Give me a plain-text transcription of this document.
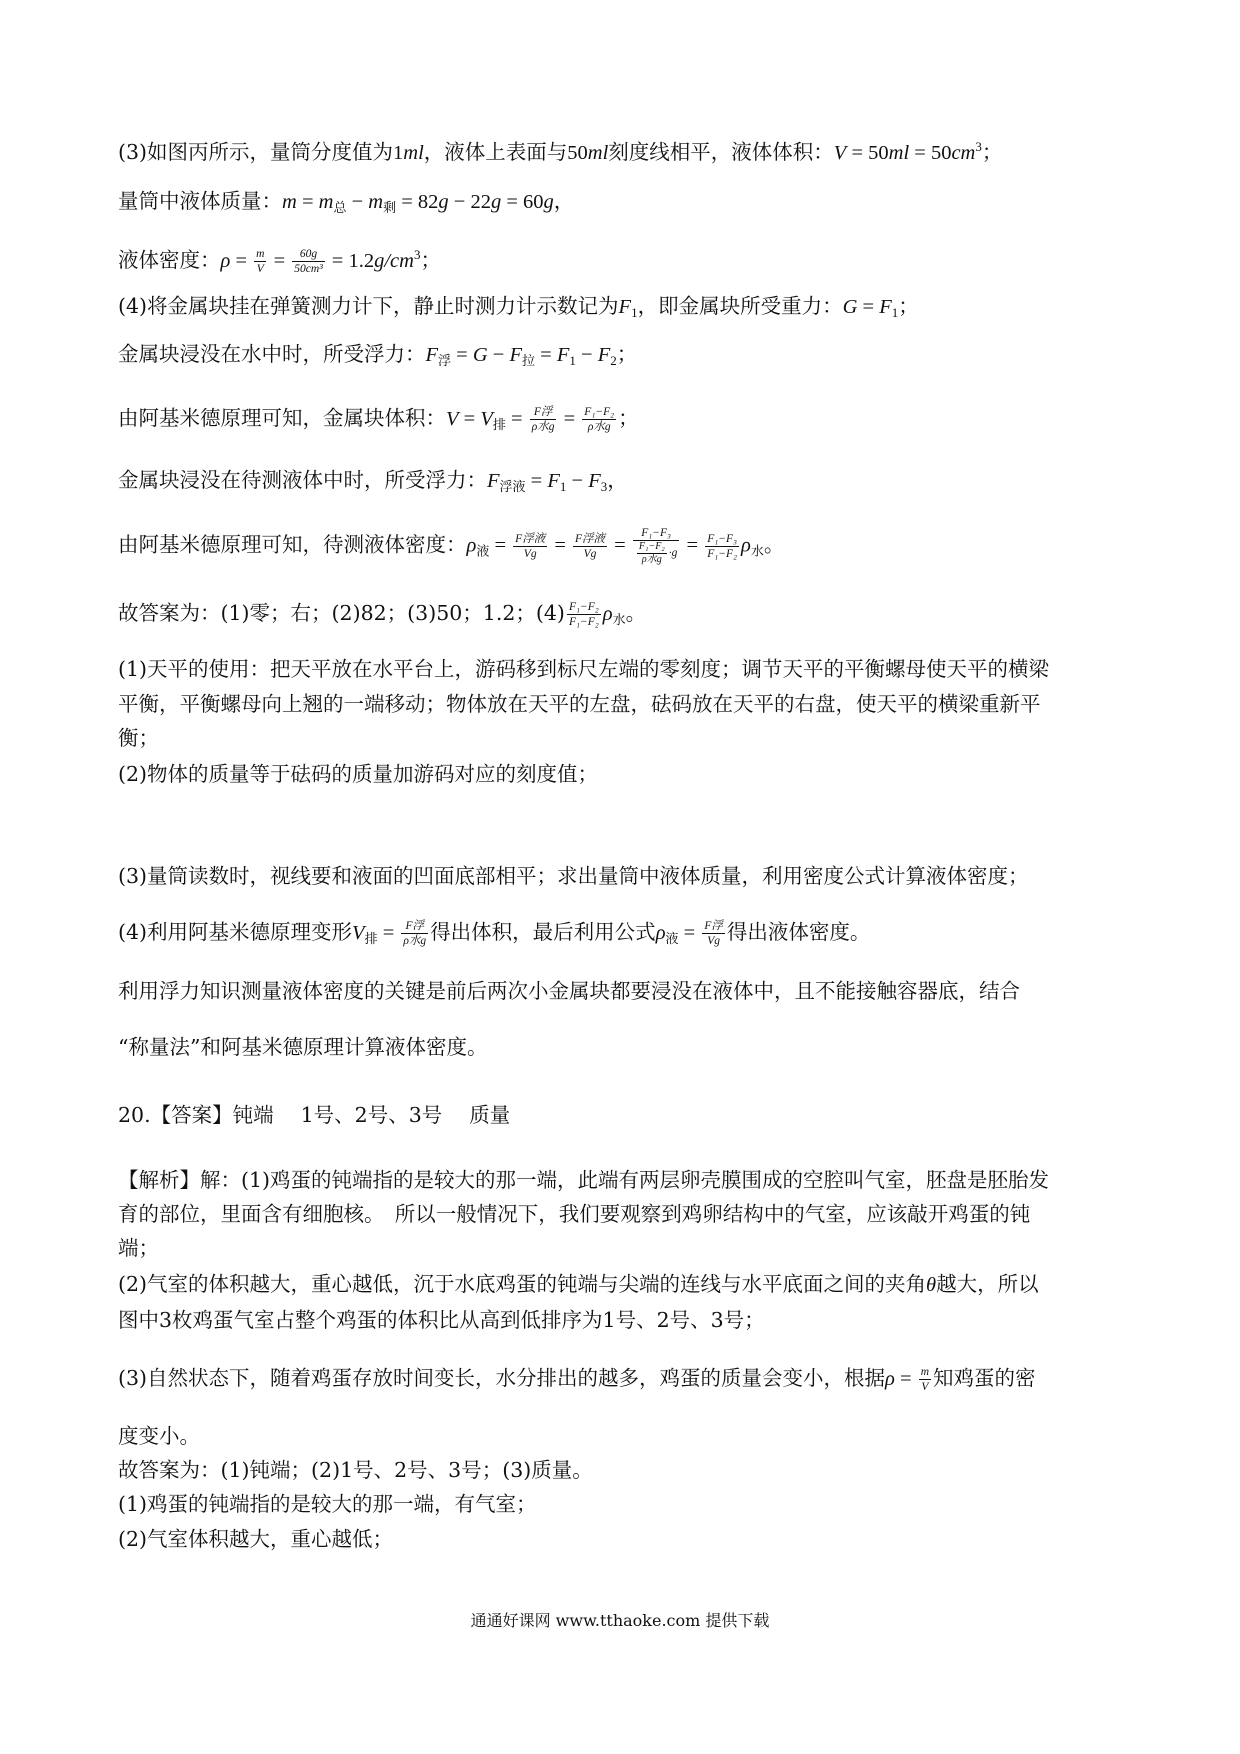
(3)如图丙所示，量筒分度值为1ml，液体上表面与50ml刻度线相平，液体体积：$V = 50ml = 50cm^3$；
量筒中液体质量：$m = m_总 - m_剩 = 82g - 22g = 60g$，
液体密度：$\rho = \frac{m}{V} = \frac{60g}{\text{50cm³}} = 1.2g/cm^3$；
(4)将金属块挂在弹簧测力计下，静止时测力计示数记为$F_1$，即金属块所受重力：$G = F_1$；
金属块浸没在水中时，所受浮力：$F_浮 = G - F_拉 = F_1 - F_2$；
由阿基米德原理可知，金属块体积：$V = V_排 = \frac{\text{F浮}}{\text{ρ水g}} = \frac{\text{F₁−F₂}}{\text{ρ水g}}$ ；
金属块浸没在待测液体中时，所受浮力：$F_{浮液} = F_1 - F_3$，
由阿基米德原理可知，待测液体密度：$\rho_液 = \frac{\text{F浮液}}{Vg} = \frac{\text{F浮液}}{Vg} = \frac{\text{F₁−F₃}}{\frac{\text{F₁−F₂}}{\text{ρ水g}} \cdot g} = \frac{\text{F₁−F₃}}{\text{F₁−F₂}} \rho_水$。
故答案为：(1)零；右；(2)82；(3)50；1.2；$(4) \frac{\text{F₁−F₂}}{\text{F₁−F₂}} \rho_水$。
(1)天平的使用：把天平放在水平台上，游码移到标尺左端的零刻度；调节天平的平衡螺母使天平的横梁
平衡，平衡螺母向上翘的一端移动；物体放在天平的左盘，砝码放在天平的右盘，使天平的横梁重新平
衡；
(2)物体的质量等于砝码的质量加游码对应的刻度值；
(3)量筒读数时，视线要和液面的凹面底部相平；求出量筒中液体质量，利用密度公式计算液体密度；
(4)利用阿基米德原理变形$V_排 = \frac{\text{F浮}}{\text{ρ水g}}$ 得出体积，最后利用公式$\rho_液 = \frac{\text{F浮}}{Vg}$ 得出液体密度。
利用浮力知识测量液体密度的关键是前后两次小金属块都要浸没在液体中，且不能接触容器底，结合
“称量法”和阿基米德原理计算液体密度。
20.【答案】钝端　 1号、2号、3号　 质量
【解析】解：(1)鸡蛋的钝端指的是较大的那一端，此端有两层卵壳膜围成的空腔叫气室，胚盘是胚胎发
育的部位，里面含有细胞核。　所以一般情况下，我们要观察到鸡卵结构中的气室，应该敲开鸡蛋的钝
端；
(2)气室的体积越大，重心越低，沉于水底鸡蛋的钝端与尖端的连线与水平底面之间的夹角θ越大，所以
图中3枚鸡蛋气室占整个鸡蛋的体积比从高到低排序为1号、2号、3号；
(3)自然状态下，随着鸡蛋存放时间变长，水分排出的越多，鸡蛋的质量会变小，根据$\rho = \frac{m}{V}$ 知鸡蛋的密
度变小。
故答案为：(1)钝端；(2)1号、2号、3号；(3)质量。
(1)鸡蛋的钝端指的是较大的那一端，有气室；
(2)气室体积越大，重心越低；
通通好课网 www.tthaoke.com 提供下载
